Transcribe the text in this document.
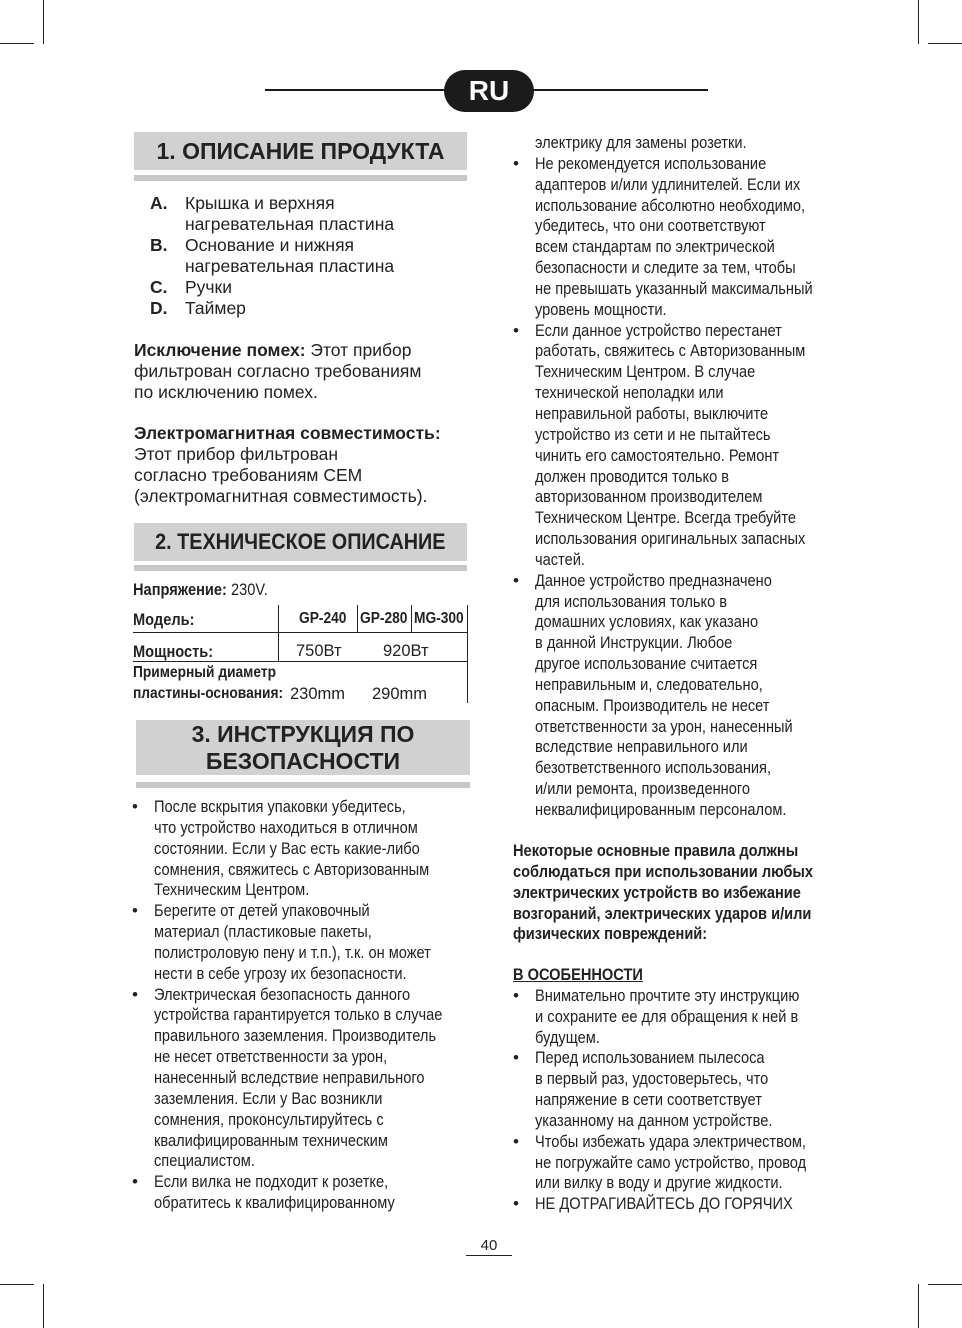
RU
1. ОПИСАНИЕ ПРОДУКТА
A.	Крышка и верхняя
нагревательная пластина
B.	Основание и нижняя
нагревательная пластина
C.	Ручки
D.	Таймер
Исключение помех: Этот прибор
фильтрован согласно требованиям
по исключению помех.
Электромагнитная совместимость:
Этот прибор фильтрован
согласно требованиям CEM
(электромагнитная совместимость).
2. ТЕХНИЧЕСКОЕ ОПИСАНИЕ
Напряжение: 230V.
Модель:	GP-240 GP-280 MG-300
Мощность:	750Вт	920Вт
Примерный диаметр
пластины-основания: 230mm 290mm
3. ИНСТРУКЦИЯ ПО
БЕЗОПАСНОСТИ
• После вскрытия упаковки убедитесь,
что устройство находиться в отличном
состоянии. Если у Вас есть какие-либо
сомнения, свяжитесь с Авторизованным
Техническим Центром.
• Берегите от детей упаковочный
материал (пластиковые пакеты,
полистроловую пену и т.п.), т.к. он может
нести в себе угрозу их безопасности.
• Электрическая безопасность данного
устройства гарантируется только в случае
правильного заземления. Производитель
не несет ответственности за урон,
нанесенный вследствие неправильного
заземления. Если у Вас возникли
сомнения, проконсультируйтесь с
квалифицированным техническим
специалистом.
• Если вилка не подходит к розетке,
обратитесь к квалифицированному
электрику для замены розетки.
• Не рекомендуется использование
адаптеров и/или удлинителей. Если их
использование абсолютно необходимо,
убедитесь, что они соответствуют
всем стандартам по электрической
безопасности и следите за тем, чтобы
не превышать указанный максимальный
уровень мощности.
• Если данное устройство перестанет
работать, свяжитесь с Авторизованным
Техническим Центром. В случае
технической неполадки или
неправильной работы, выключите
устройство из сети и не пытайтесь
чинить его самостоятельно. Ремонт
должен проводится только в
авторизованном производителем
Техническом Центре. Всегда требуйте
использования оригинальных запасных
частей.
• Данное устройство предназначено
для использования только в
домашних условиях, как указано
в данной Инструкции. Любое
другое использование считается
неправильным и, следовательно,
опасным. Производитель не несет
ответственности за урон, нанесенный
вследствие неправильного или
безответственного использования,
и/или ремонта, произведенного
неквалифицированным персоналом.
Некоторые основные правила должны
соблюдаться при использовании любых
электрических устройств во избежание
возгораний, электрических ударов и/или
физических повреждений:
В ОСОБЕННОСТИ
• Внимательно прочтите эту инструкцию
и сохраните ее для обращения к ней в
будущем.
• Перед использованием пылесоса
в первый раз, удостоверьтесь, что
напряжение в сети соответствует
указанному на данном устройстве.
• Чтобы избежать удара электричеством,
не погружайте само устройство, провод
или вилку в воду и другие жидкости.
• НЕ ДОТРАГИВАЙТЕСЬ ДО ГОРЯЧИХ
40
